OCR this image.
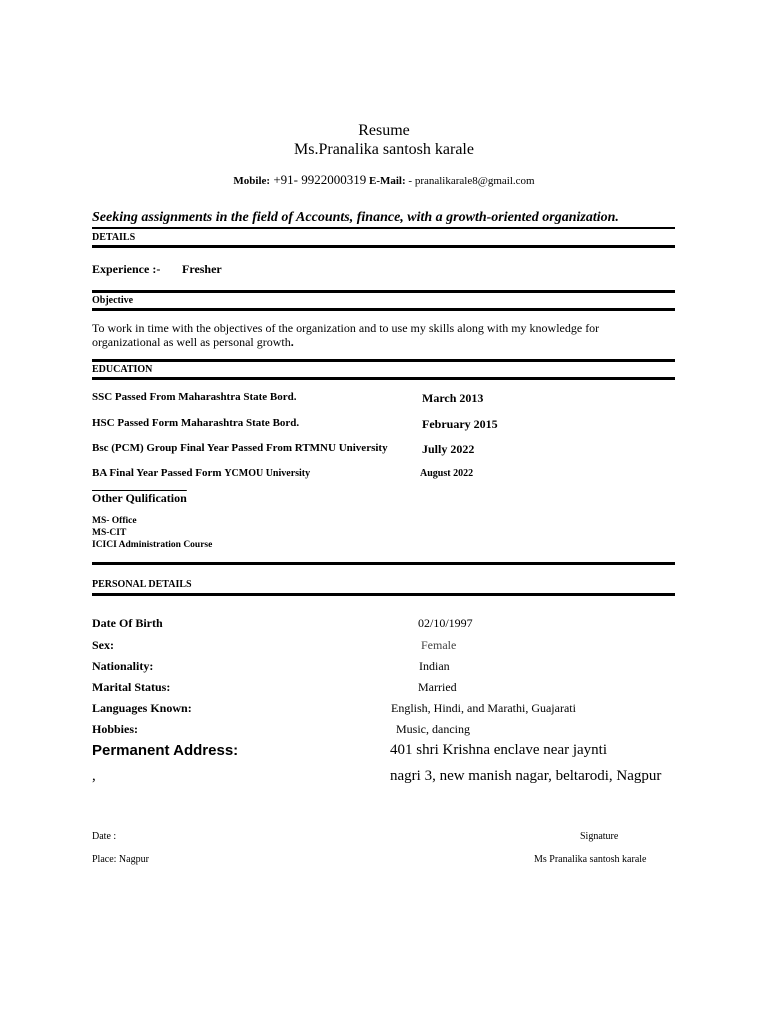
Resume
Ms.Pranalika santosh karale
Mobile: +91- 9922000319 E-Mail: - pranalikarale8@gmail.com
Seeking assignments in the field of Accounts, finance, with a growth-oriented organization.
DETAILS
Experience :- Fresher
Objective
To work in time with the objectives of the organization and to use my skills along with my knowledge for
organizational as well as personal growth.
EDUCATION
SSC Passed From Maharashtra State Bord.	March 2013
HSC Passed Form Maharashtra State Bord.	February 2015
Bsc (PCM) Group Final Year Passed From RTMNU University	Jully 2022
BA Final Year Passed Form YCMOU University	August 2022
Other Qulification
MS- Office
MS-CIT
ICICI Administration Course
PERSONAL DETAILS
Date Of Birth	02/10/1997
Sex:	Female
Nationality:	Indian
Marital Status:	Married
Languages Known:	English, Hindi, and Marathi, Guajarati
Hobbies:	Music, dancing
Permanent Address:	401 shri Krishna enclave near jaynti
,	nagri 3, new manish nagar, beltarodi, Nagpur
Date :
Place: Nagpur
Signature
Ms Pranalika santosh karale
